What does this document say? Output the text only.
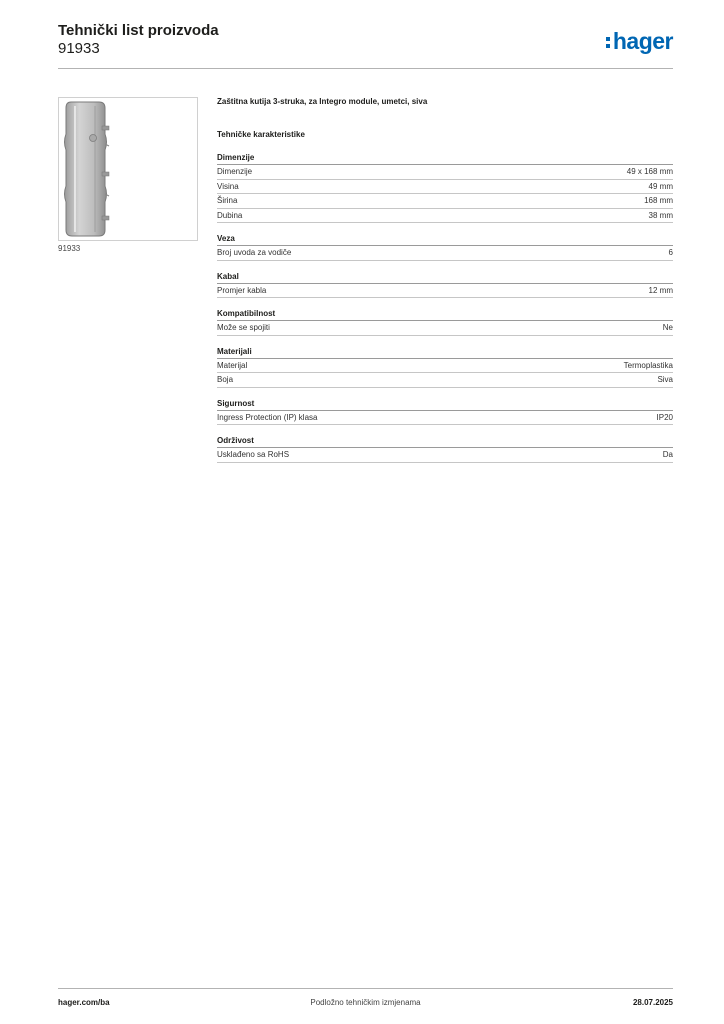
Tehnički list proizvoda
91933	hager
91933
Zaštitna kutija 3-struka, za Integro module, umetci, siva
Tehničke karakteristike
Dimenzije
Dimenzije	49 x 168 mm
Visina	49 mm
Širina	168 mm
Dubina	38 mm
Veza
Broj uvoda za vodiče	6
Kabal
Promjer kabla	12 mm
Kompatibilnost
Može se spojiti	Ne
Materijali
Materijal	Termoplastika
Boja	Siva
Sigurnost
Ingress Protection (IP) klasa	IP20
Održivost
Usklađeno sa RoHS	Da
hager.com/ba	Podložno tehničkim izmjenama	28.07.2025
